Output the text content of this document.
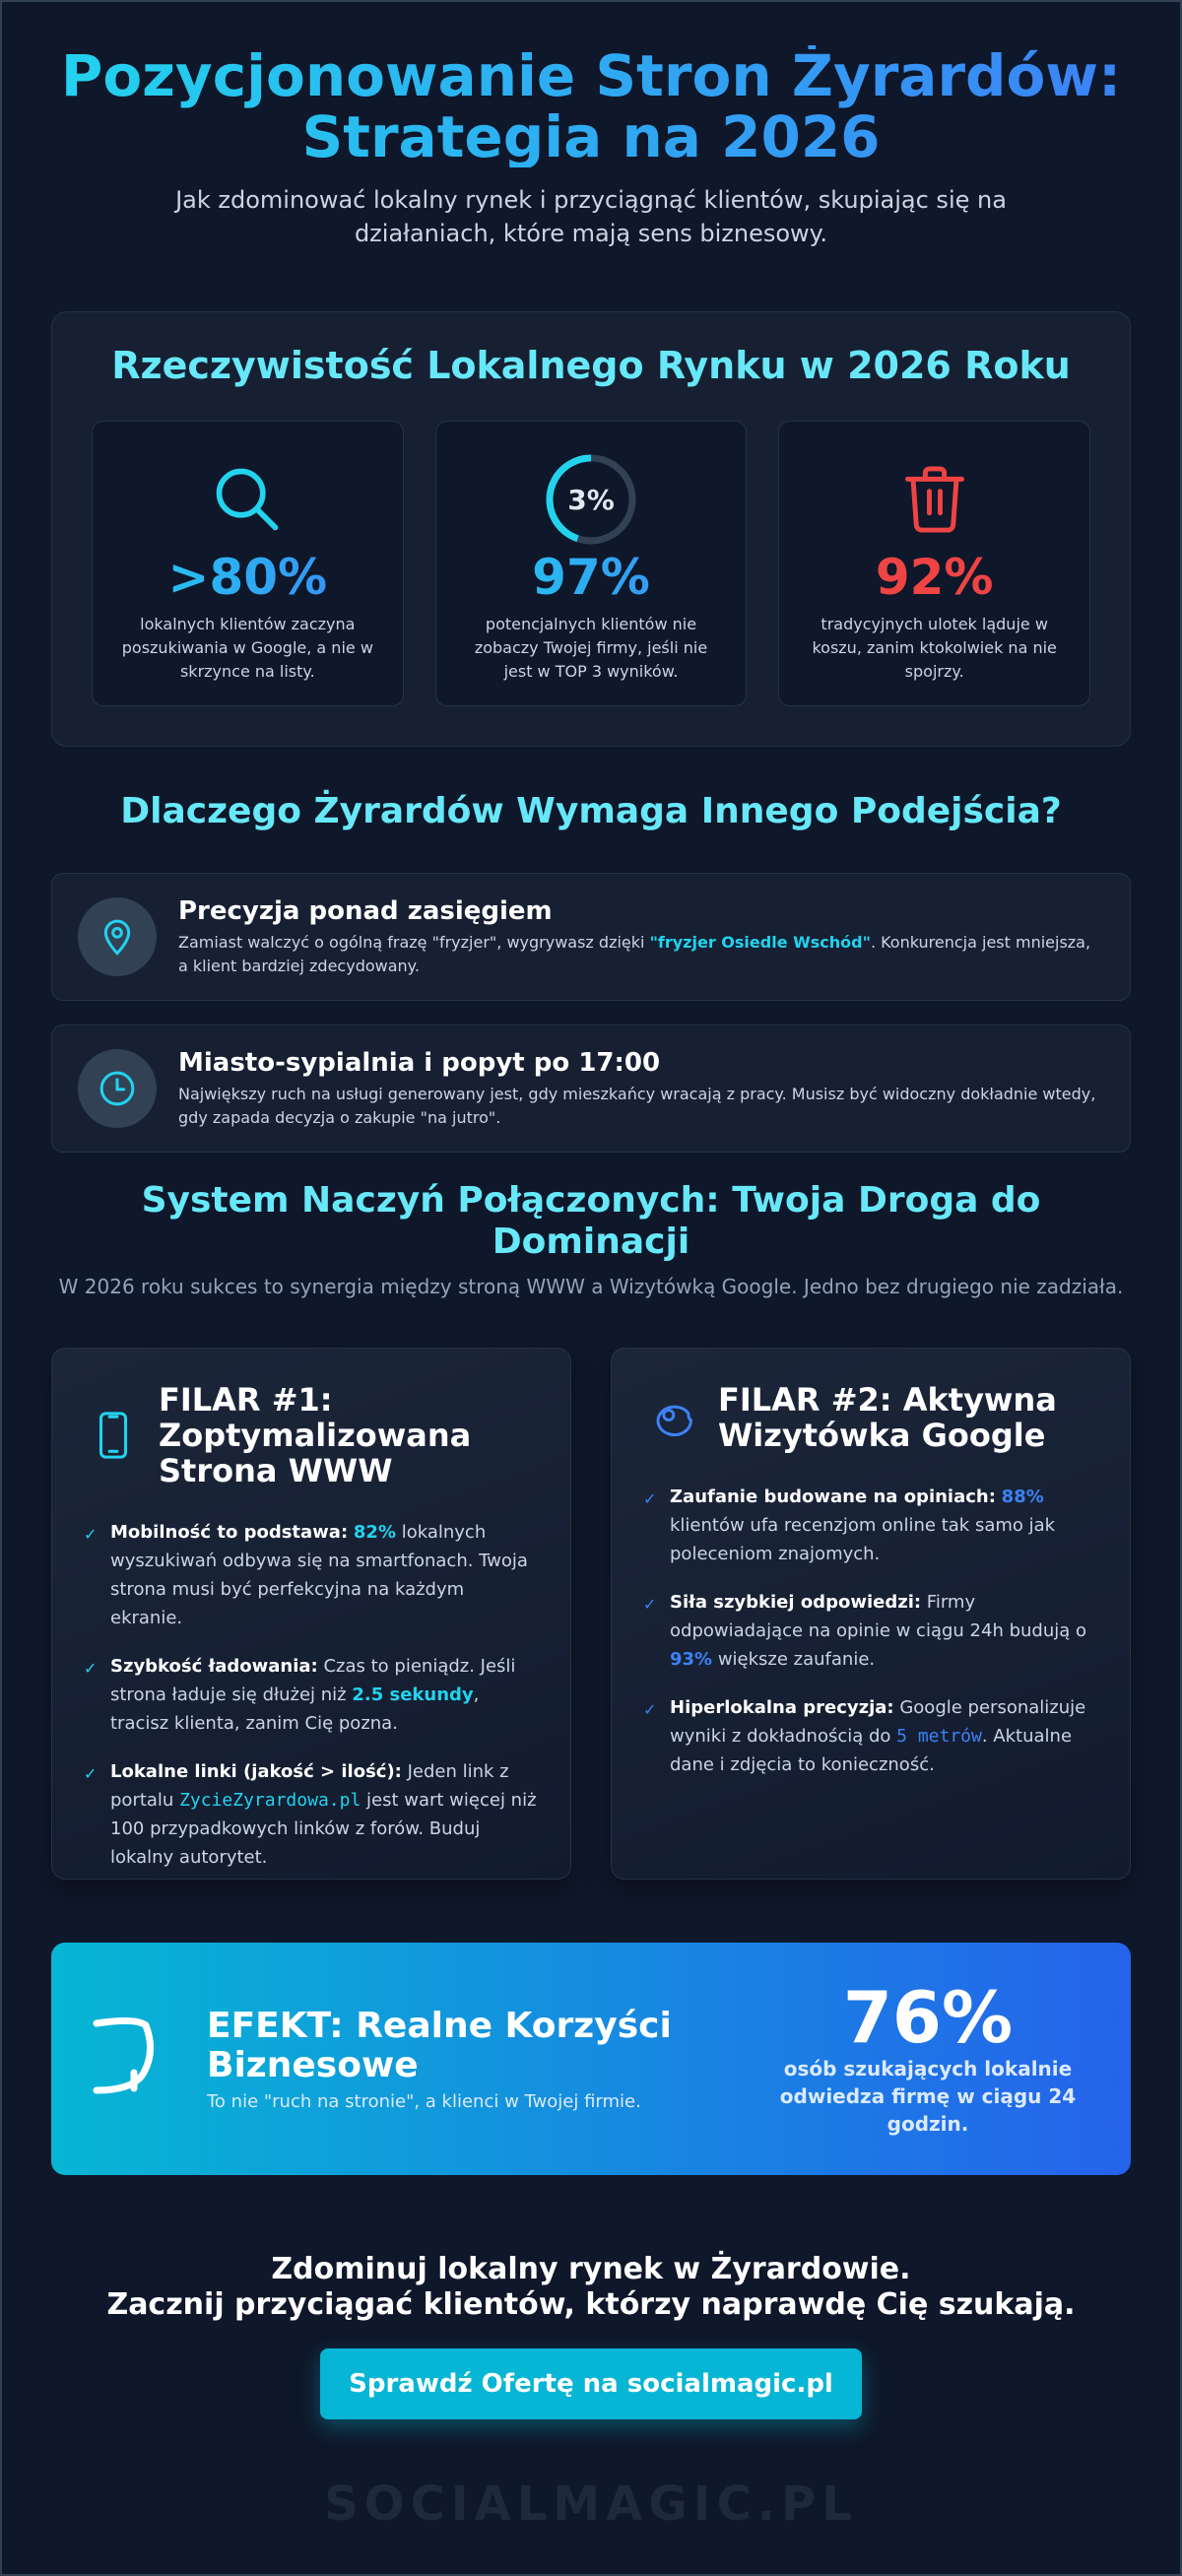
Pozycjonowanie Stron Żyrardów:
Strategia na 2026

Jak zdominować lokalny rynek i przyciągnąć klientów, skupiając się na działaniach, które mają sens biznesowy.

Rzeczywistość Lokalnego Rynku w 2026 Roku
>80%
lokalnych klientów zaczyna poszukiwania w Google, a nie w skrzynce na listy.
3%
97%
potencjalnych klientów nie zobaczy Twojej firmy, jeśli nie jest w TOP 3 wyników.
92%
tradycyjnych ulotek ląduje w koszu, zanim ktokolwiek na nie spojrzy.
Dlaczego Żyrardów Wymaga Innego Podejścia?
Precyzja ponad zasięgiem

Zamiast walczyć o ogólną frazę "fryzjer", wygrywasz dzięki "fryzjer Osiedle Wschód". Konkurencja jest mniejsza, a klient bardziej zdecydowany.

Miasto-sypialnia i popyt po 17:00

Największy ruch na usługi generowany jest, gdy mieszkańcy wracają z pracy. Musisz być widoczny dokładnie wtedy, gdy zapada decyzja o zakupie "na jutro".

System Naczyń Połączonych: Twoja Droga do Dominacji

W 2026 roku sukces to synergia między stroną WWW a Wizytówką Google. Jedno bez drugiego nie zadziała.

FILAR #1: Zoptymalizowana Strona WWW
✓ Mobilność to podstawa: 82% lokalnych wyszukiwań odbywa się na smartfonach. Twoja strona musi być perfekcyjna na każdym ekranie.
✓ Szybkość ładowania: Czas to pieniądz. Jeśli strona ładuje się dłużej niż 2.5 sekundy, tracisz klienta, zanim Cię pozna.
✓ Lokalne linki (jakość > ilość): Jeden link z portalu ZycieZyrardowa.pl jest wart więcej niż 100 przypadkowych linków z forów. Buduj lokalny autorytet.
FILAR #2: Aktywna Wizytówka Google
✓ Zaufanie budowane na opiniach: 88% klientów ufa recenzjom online tak samo jak poleceniom znajomych.
✓ Siła szybkiej odpowiedzi: Firmy odpowiadające na opinie w ciągu 24h budują o 93% większe zaufanie.
✓ Hiperlokalna precyzja: Google personalizuje wyniki z dokładnością do 5 metrów. Aktualne dane i zdjęcia to konieczność.
EFEKT: Realne Korzyści Biznesowe

To nie "ruch na stronie", a klienci w Twojej firmie.

76%
osób szukających lokalnie odwiedza firmę w ciągu 24 godzin.
Zdominuj lokalny rynek w Żyrardowie.
Zacznij przyciągać klientów, którzy naprawdę Cię szukają.
Sprawdź Ofertę na socialmagic.pl
SOCIALMAGIC.PL
